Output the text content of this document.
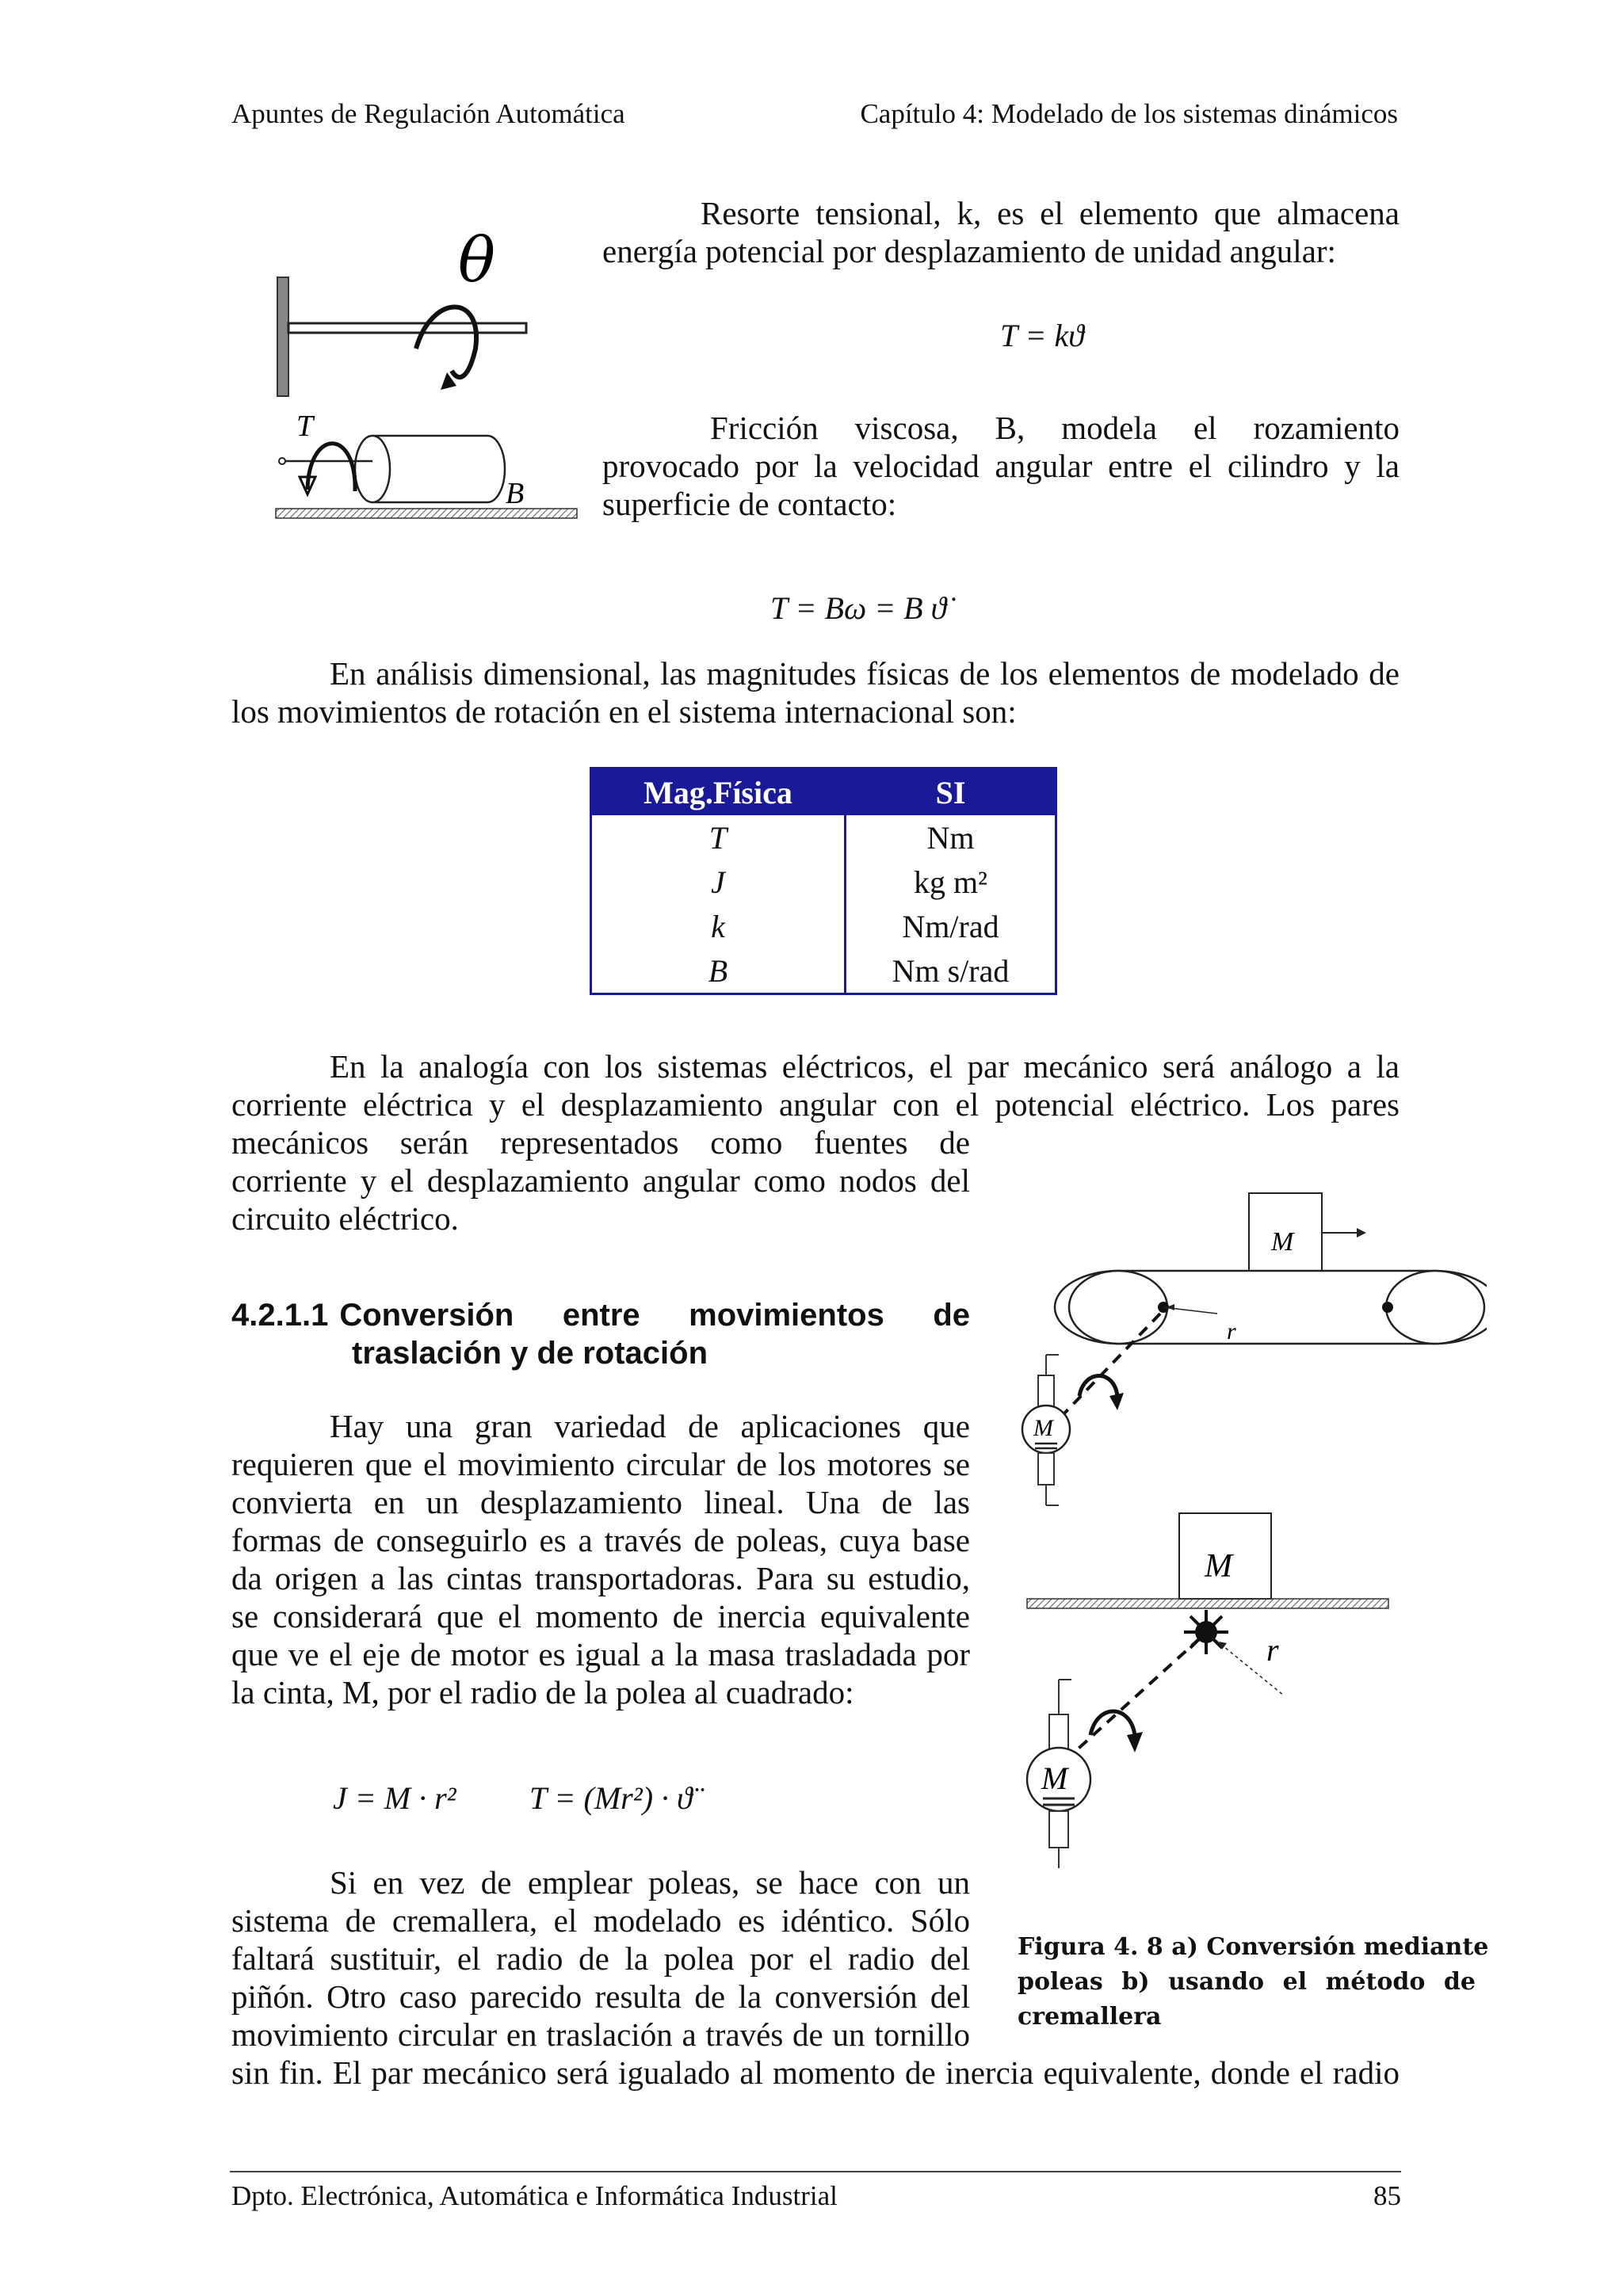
Apuntes de Regulación Automática	Capítulo 4: Modelado de los sistemas dinámicos
θ
T
B
Resorte tensional, k, es el elemento que almacena
energía potencial por desplazamiento de unidad angular:
T = kϑ
Fricción viscosa, B, modela el rozamiento
provocado por la velocidad angular entre el cilindro y la
superficie de contacto:
T = Bω = B ϑ̇
En análisis dimensional, las magnitudes físicas de los elementos de modelado de
los movimientos de rotación en el sistema internacional son:
Mag.Física	SI
T	Nm
J	kg m²
k	Nm/rad
B	Nm s/rad
En la analogía con los sistemas eléctricos, el par mecánico será análogo a la
corriente eléctrica y el desplazamiento angular con el potencial eléctrico. Los pares
mecánicos serán representados como fuentes de
corriente y el desplazamiento angular como nodos del
circuito eléctrico.
4.2.1.1 Conversión entre movimientos de
traslación y de rotación
Hay una gran variedad de aplicaciones que
requieren que el movimiento circular de los motores se
convierta en un desplazamiento lineal. Una de las
formas de conseguirlo es a través de poleas, cuya base
da origen a las cintas transportadoras. Para su estudio,
se considerará que el momento de inercia equivalente
que ve el eje de motor es igual a la masa trasladada por
la cinta, M, por el radio de la polea al cuadrado:
J = M · r² T = (Mr²) · ϑ̈
Si en vez de emplear poleas, se hace con un
sistema de cremallera, el modelado es idéntico. Sólo
faltará sustituir, el radio de la polea por el radio del
piñón. Otro caso parecido resulta de la conversión del
movimiento circular en traslación a través de un tornillo
sin fin. El par mecánico será igualado al momento de inercia equivalente, donde el radio
M
r
M
M
r
M
Figura 4. 8 a) Conversión mediante
poleas b) usando el método de
cremallera
Dpto. Electrónica, Automática e Informática Industrial	85
